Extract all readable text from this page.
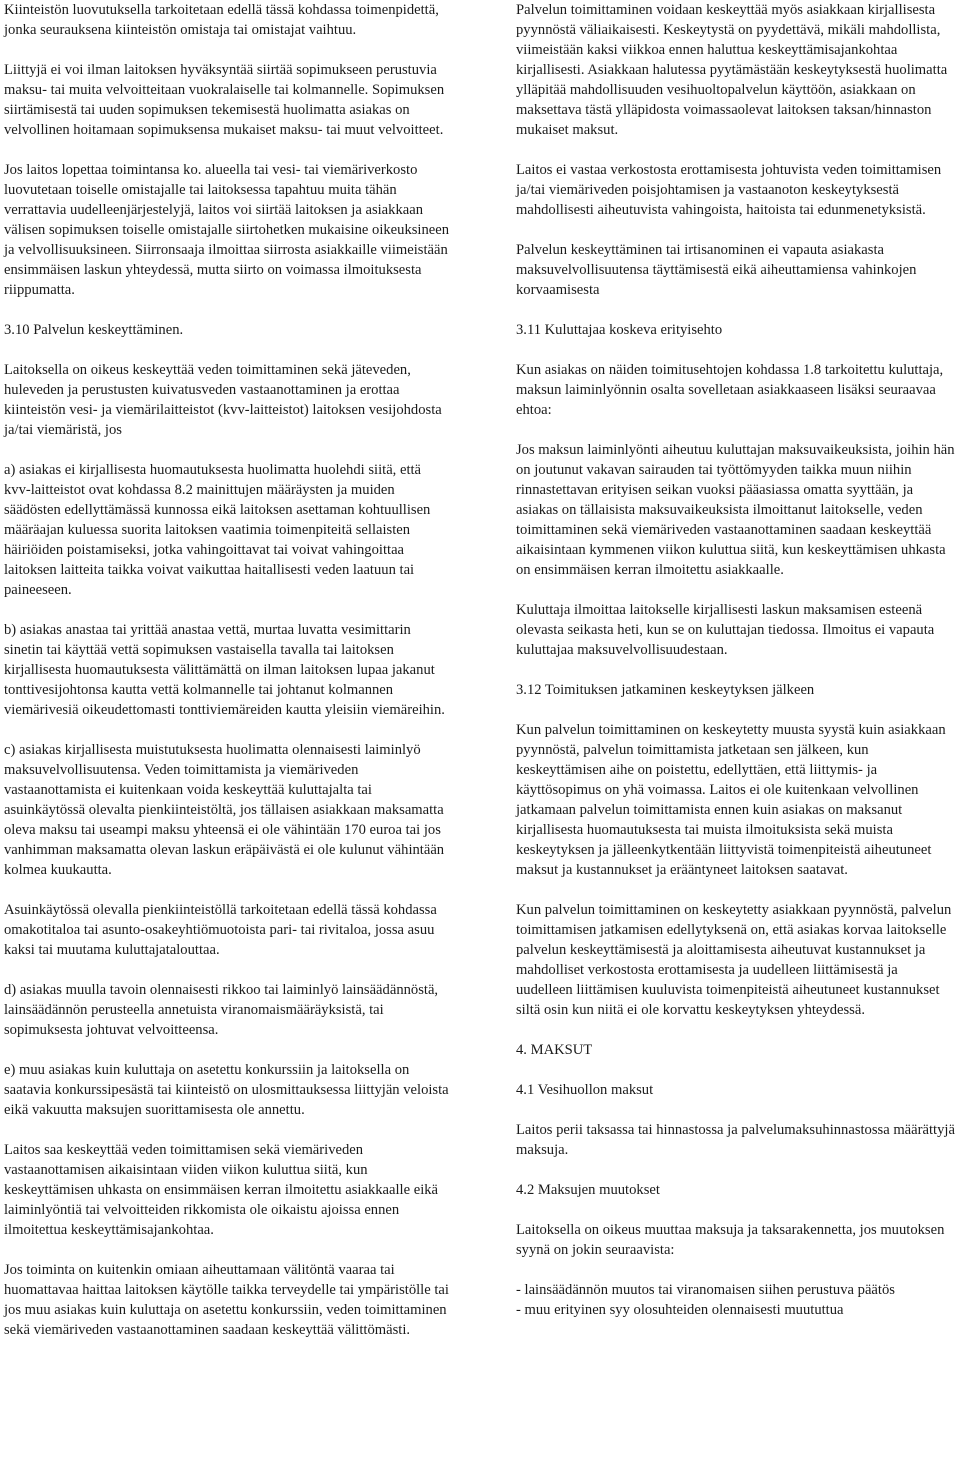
Kiinteistön luovutuksella tarkoitetaan edellä tässä kohdassa toimenpidettä, jonka seurauksena kiinteistön omistaja tai omistajat vaihtuu.

Liittyjä ei voi ilman laitoksen hyväksyntää siirtää sopimukseen perustuvia maksu- tai muita velvoitteitaan vuokralaiselle tai kolmannelle. Sopimuksen siirtämisestä tai uuden sopimuksen tekemisestä huolimatta asiakas on velvollinen hoitamaan sopimuksensa mukaiset maksu- tai muut velvoitteet.

Jos laitos lopettaa toimintansa ko. alueella tai vesi- tai viemäriverkosto luovutetaan toiselle omistajalle tai laitoksessa tapahtuu muita tähän verrattavia uudelleenjärjestelyjä, laitos voi siirtää laitoksen ja asiakkaan välisen sopimuksen toiselle omistajalle siirtohetken mukaisine oikeuksineen ja velvollisuuksineen. Siirronsaaja ilmoittaa siirrosta asiakkaille viimeistään ensimmäisen laskun yhteydessä, mutta siirto on voimassa ilmoituksesta riippumatta.

3.10 Palvelun keskeyttäminen.

Laitoksella on oikeus keskeyttää veden toimittaminen sekä jäteveden, huleveden ja perustusten kuivatusveden vastaanottaminen ja erottaa kiinteistön vesi- ja viemärilaitteistot (kvv-laitteistot) laitoksen vesijohdosta ja/tai viemäristä, jos

a) asiakas ei kirjallisesta huomautuksesta huolimatta huolehdi siitä, että kvv-laitteistot ovat kohdassa 8.2 mainittujen määräysten ja muiden säädösten edellyttämässä kunnossa eikä laitoksen asettaman kohtuullisen määräajan kuluessa suorita laitoksen vaatimia toimenpiteitä sellaisten häiriöiden poistamiseksi, jotka vahingoittavat tai voivat vahingoittaa laitoksen laitteita taikka voivat vaikuttaa haitallisesti veden laatuun tai paineeseen.

b) asiakas anastaa tai yrittää anastaa vettä, murtaa luvatta vesimittarin sinetin tai käyttää vettä sopimuksen vastaisella tavalla tai laitoksen kirjallisesta huomautuksesta välittämättä on ilman laitoksen lupaa jakanut tonttivesijohtonsa kautta vettä kolmannelle tai johtanut kolmannen viemärivesiä oikeudettomasti tonttiviemäreiden kautta yleisiin viemäreihin.

c) asiakas kirjallisesta muistutuksesta huolimatta olennaisesti laiminlyö maksuvelvollisuutensa. Veden toimittamista ja viemäriveden vastaanottamista ei kuitenkaan voida keskeyttää kuluttajalta tai asuinkäytössä olevalta pienkiinteistöltä, jos tällaisen asiakkaan maksamatta oleva maksu tai useampi maksu yhteensä ei ole vähintään 170 euroa tai jos vanhimman maksamatta olevan laskun eräpäivästä ei ole kulunut vähintään kolmea kuukautta.

Asuinkäytössä olevalla pienkiinteistöllä tarkoitetaan edellä tässä kohdassa omakotitaloa tai asunto-osakeyhtiömuotoista pari- tai rivitaloa, jossa asuu kaksi tai muutama kuluttajatalouttaa.

d) asiakas muulla tavoin olennaisesti rikkoo tai laiminlyö lainsäädännöstä, lainsäädännön perusteella annetuista viranomaismääräyksistä, tai sopimuksesta johtuvat velvoitteensa.

e) muu asiakas kuin kuluttaja on asetettu konkurssiin ja laitoksella on saatavia konkurssipesästä tai kiinteistö on ulosmittauksessa liittyjän veloista eikä vakuutta maksujen suorittamisesta ole annettu.

Laitos saa keskeyttää veden toimittamisen sekä viemäriveden vastaanottamisen aikaisintaan viiden viikon kuluttua siitä, kun keskeyttämisen uhkasta on ensimmäisen kerran ilmoitettu asiakkaalle eikä laiminlyöntiä tai velvoitteiden rikkomista ole oikaistu ajoissa ennen ilmoitettua keskeyttämisajankohtaa.

Jos toiminta on kuitenkin omiaan aiheuttamaan välitöntä vaaraa tai huomattavaa haittaa laitoksen käytölle taikka terveydelle tai ympäristölle tai jos muu asiakas kuin kuluttaja on asetettu konkurssiin, veden toimittaminen sekä viemäriveden vastaanottaminen saadaan keskeyttää välittömästi.

Palvelun toimittaminen voidaan keskeyttää myös asiakkaan kirjallisesta pyynnöstä väliaikaisesti. Keskeytystä on pyydettävä, mikäli mahdollista, viimeistään kaksi viikkoa ennen haluttua keskeyttämisajankohtaa kirjallisesti. Asiakkaan halutessa pyytämästään keskeytyksestä huolimatta ylläpitää mahdollisuuden vesihuoltopalvelun käyttöön, asiakkaan on maksettava tästä ylläpidosta voimassaolevat laitoksen taksan/hinnaston mukaiset maksut.

Laitos ei vastaa verkostosta erottamisesta johtuvista veden toimittamisen ja/tai viemäriveden poisjohtamisen ja vastaanoton keskeytyksestä mahdollisesti aiheutuvista vahingoista, haitoista tai edunmenetyksistä.

Palvelun keskeyttäminen tai irtisanominen ei vapauta asiakasta maksuvelvollisuutensa täyttämisestä eikä aiheuttamiensa vahinkojen korvaamisesta

3.11 Kuluttajaa koskeva erityisehto

Kun asiakas on näiden toimitusehtojen kohdassa 1.8 tarkoitettu kuluttaja, maksun laiminlyönnin osalta sovelletaan asiakkaaseen lisäksi seuraavaa ehtoa:

Jos maksun laiminlyönti aiheutuu kuluttajan maksuvaikeuksista, joihin hän on joutunut vakavan sairauden tai työttömyyden taikka muun niihin rinnastettavan erityisen seikan vuoksi pääasiassa omatta syyttään, ja asiakas on tällaisista maksuvaikeuksista ilmoittanut laitokselle, veden toimittaminen sekä viemäriveden vastaanottaminen saadaan keskeyttää aikaisintaan kymmenen viikon kuluttua siitä, kun keskeyttämisen uhkasta on ensimmäisen kerran ilmoitettu asiakkaalle.

Kuluttaja ilmoittaa laitokselle kirjallisesti laskun maksamisen esteenä olevasta seikasta heti, kun se on kuluttajan tiedossa. Ilmoitus ei vapauta kuluttajaa maksuvelvollisuudestaan.

3.12 Toimituksen jatkaminen keskeytyksen jälkeen

Kun palvelun toimittaminen on keskeytetty muusta syystä kuin asiakkaan pyynnöstä, palvelun toimittamista jatketaan sen jälkeen, kun keskeyttämisen aihe on poistettu, edellyttäen, että liittymis- ja käyttösopimus on yhä voimassa. Laitos ei ole kuitenkaan velvollinen jatkamaan palvelun toimittamista ennen kuin asiakas on maksanut kirjallisesta huomautuksesta tai muista ilmoituksista sekä muista keskeytyksen ja jälleenkytkentään liittyvistä toimenpiteistä aiheutuneet maksut ja kustannukset ja erääntyneet laitoksen saatavat.

Kun palvelun toimittaminen on keskeytetty asiakkaan pyynnöstä, palvelun toimittamisen jatkamisen edellytyksenä on, että asiakas korvaa laitokselle palvelun keskeyttämisestä ja aloittamisesta aiheutuvat kustannukset ja mahdolliset verkostosta erottamisesta ja uudelleen liittämisestä ja uudelleen liittämisen kuuluvista toimenpiteistä aiheutuneet kustannukset siltä osin kun niitä ei ole korvattu keskeytyksen yhteydessä.

4. MAKSUT
4.1 Vesihuollon maksut

Laitos perii taksassa tai hinnastossa ja palvelumaksuhinnastossa määrättyjä maksuja.

4.2 Maksujen muutokset

Laitoksella on oikeus muuttaa maksuja ja taksarakennetta, jos muutoksen syynä on jokin seuraavista:

- lainsäädännön muutos tai viranomaisen siihen perustuva päätös

- muu erityinen syy olosuhteiden olennaisesti muututtua
